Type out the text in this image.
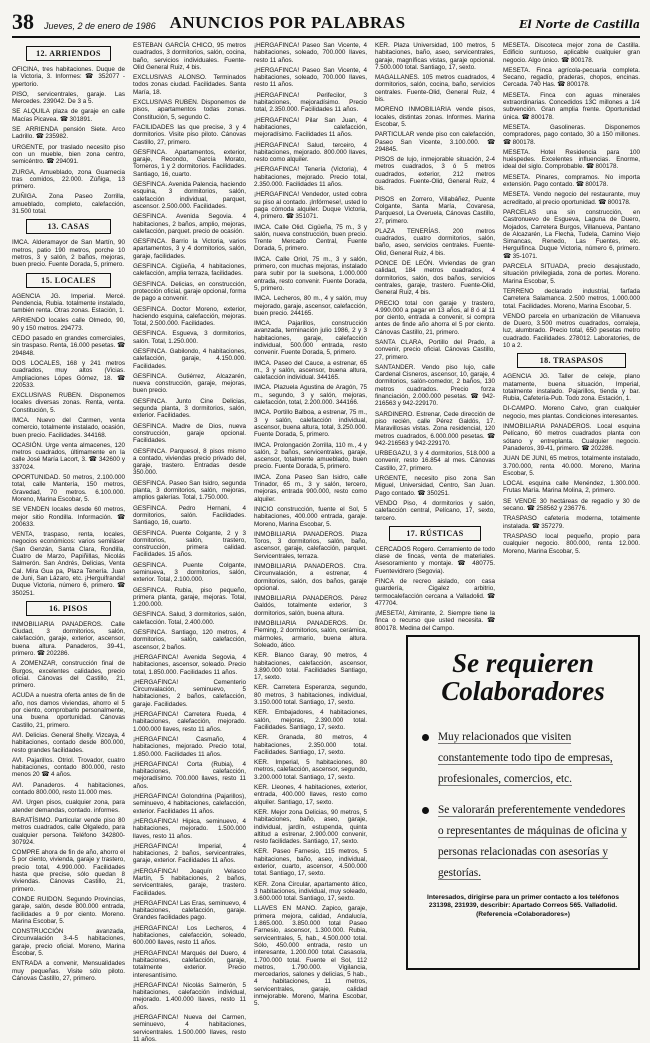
38 Jueves, 2 de enero de 1986 ANUNCIOS POR PALABRAS	El Norte de Castilla
12. ARRIENDOS
OFICINA, tres habitaciones. Duque de la Victoria, 3. Informes: ☎ 352077 - ypertorio.
PISO, servicentrales, garaje. Las Mercedes. 239042. De 3 a 5.
SE ALQUILA plaza de garaje en calle Macías Picavea. ☎ 301891.
SE ARRIENDA pensión Siete. Arco Ladrillo. ☎ 235982.
URGENTE, por traslado necesito piso con un mueble, bien zona centro, semicéntro. ☎ 294091.
ZURGA, Amueblado, zona Guarnecia tras comidos, 22.000. Zúñiga, 13 primero.
ZUÑIGA. Zona Paseo Zorrilla, amueblado, completo, calefacción, 31.500 total.
13. CASAS
IMCA. Alderamayor de San Martín, 90 metros, patio 190 metros, porche 10 metros, 3 y salón, 2 baños, mejoras, buen precio. Fuente Dorada, 5, primero.
15. LOCALES
AGENCIA JG. Imperial. Mercé. Pendencia, Rubia. totalmente instalado, también renta. Otras zonas. Estación, 1.
ARRIENDO locales calle Olmedo, 90, 90 y 150 metros. 294773.
CEDO pasado en grandes comerciales, sin traspaso. Renta, 16.000 pesetas. ☎ 294848.
DOS LOCALES, 168 y 241 metros cuadrados, muy altos (Vicias. Ampliaciones Lópes Gómez, 18. ☎ 220533.
EXCLUSIVAS RUBEN. Disponemos locales diversas zonas. Renta, venta. Constitución, 5.
IMCA. Nuevo del Carmen, venta comercio, totalmente instalado, ocasión, buen precio. Facilidades. 344168.
OCASIÓN. Urge venta almacenes, 120 metros cuadrados, últimamente en la calle José María Lacort, 3. ☎ 342600 y 337024.
OPORTUNIDAD. 50 metros, 2.100.000 total, calle Mantería, 150 metros, Gravedad, 70 metros. 6.100.000. Moreno, Marina Escobar, 5.
SE VENDEN locales desde 60 metros, mejor sitio Rondilla. Información. ☎ 200633.
VENTA, traspaso, renta, locales, negocios económicos: varios semiláser (San Genzán, Santa Clara, Rondilla, Cuatro de Marzo, Papiñillas, Nicolás Salmerón. San Andrés, Delicias, Venta Cal. Mira Gua pa, Plaza Tenería. Juan de Juni, San Lázaro, etc. ¡Herguifranda! Duque Victoria, número 6, primero. ☎ 350251.
16. PISOS
INMOBILIARIA PANADEROS. Calle Ciudad, 3 dormitorios, salón, calefacción, garaje, exterior, ascensor, buena altura. Panaderos, 39-41, primero. ☎ 202286.
A ZOMENZAR, construcción final de Burgos, excelentes calidades, precio oficial. Cánovas del Castillo, 21, primero.
ACUDA a nuestra oferta antes de fin de año, nos damos viviendas, ahorro el 5 por ciento, comprobarlo personalmente, una buena oportunidad. Cánovas Castillo, 21, primero.
AVI. Delicias. General Shelly. Vizcaya, 4 habitaciones, contado desde 800.000, resto grandes facilidades.
AVI. Pajarillos. Otriol. Trovador, cuatro habitaciones, contado 800.000, resto menos 20 ☎ 4 años.
AVI. Panaderos. 4 habitaciones, contado 800.000, resto 11.000 mes.
AVI. Urgen pisos, cualquier zona, para atender demandas, contado. informes.
BARATÍSIMO. Particular vende piso 80 metros cuadrados, calle Olgaledo, para cualquier persona. Teléfono 342800-307924.
COMPRE ahora de fin de año, ahorro el 5 por ciento, vivienda, garaje y trastero, precio total, 4.990.000. Facilidades hasta que precise, sólo quedan 8 viviendas. Cánovas Castillo, 21, primero.
CONDE RUIDON. Segundo Provincias, garaje, salón, desde 800.000 entrada, facilidades a 9 por ciento. Moreno. Marina Escobar, 5.
CONSTRUCCIÓN avanzada, Circunvalación 3-4-5 habitaciones, garaje, precio oficial. Moreno, Marina Escobar, 5.
ENTRADA a convenir, Mensualidades muy pequeñas. Visite sólo piloto. Cánovas Castillo, 27, primero.
ESTEBAN GARCÍA CHICO, 95 metros cuadrados, 3 dormitorios, salón, cocina, baño, servicios individuales. Fuente-Olid General Ruiz, 4 bis.
EXCLUSIVAS ALONSO. Terminados todos zonas ciudad. Facilidades. Santa María, 18.
EXCLUSIVAS RUBEN. Disponemos de pisos, apartamentos todas zonas. Constitución, 5, segundo C.
FACILIDADES las que precise, 3 y 4 dormitorios. Visite piso piloto. Cánovas Castillo, 27, primero.
GESFINCA. Apartamentos, exterior, garaje, Recondo, García Morato, Torneros, 1 y 2 dormitorios. Facilidades. Santiago, 16, cuarto.
GESFINCA. Avenida Palencia, haciendo esquina, 3 dormitorios, salón, calefacción individual, parquet, ascensor. 2.500.000. Facilidades.
GESFINCA. Avenida Segovia. 4 habitaciones, 2 baños, amplio, mejoras, calefacción, parquet. precio de ocasión.
GESFINCA. Barrio la Victoria, varios apartamentos, 3 y 4 dormitorios, salón, garaje, facilidades.
GESFINCA. Cigüeña, 4 habitaciones, calefacción, amplia terraza, facilidades.
GESFINCA. Delicias, en construcción, protección oficial, garaje opcional, forma de pago a convenir.
GESFINCA. Doctor Moreno, exterior, haciendo esquina, calefacción, mejoras. Total, 2.500.000. Facilidades.
GESFINCA. Esgueva, 3 dormitorios, salón. Total, 1.250.000.
GESFINCA. Gabilondo, 4 habitaciones, calefacción, garaje, 4.150.000. Facilidades.
GESFINCA. Gutiérrez, Alcazarén, nueva construcción, garaje, mejoras, buen precio.
GESFINCA. Junto Cine Delicias, segunda planta, 3 dormitorios, salón, exterior. Facilidades.
GESFINCA. Madre de Dios, nueva construcción, garaje opcional. Facilidades.
GESFINCA. Parquesol, 8 pisos mismo a contado, viviendas precio privado del, garaje, trastero. Entradas desde 350.000.
GESFINCA. Paseo San Isidro, segunda planta, 3 dormitorios, salón, mejoras, amplios galerías. Total, 1.750.000.
GESFINCA. Pedro Hernani, 4 dormitorios, salón. Facilidades. Santiago, 16, cuarto.
GESFINCA. Puente Colgante, 2 y 3 dormitorios, salón, trastero, construcción, primera calidad. Facilidades. 15 años.
GESFINCA. Puente Colgante, seminueva, 3 dormitorios, salón, exterior. Total, 2.100.000.
GESFINCA. Rubia, piso pequeño, primera planta, garaje, mejoras. Total, 1.200.000.
GESFINCA. Salud, 3 dormitorios, salón, calefacción. Total, 2.400.000.
GESFINCA. Santiago, 120 metros, 4 dormitorios, salón, calefacción, ascensor, 2 baños.
¡HERGAFINCA! Avenida Segovia, 4 habitaciones, ascensor, soleado. Precio total, 1.850.000. Facilidades 11 años.
¡HERGAFINCA! Cementerio Circunvalación, seminuevo, 5 habitaciones, 2 baños, calefacción, garaje. Facilidades.
¡HERGAFINCA! Carretera Rueda, 4 habitaciones, calefacción, mejorado. 1.000.000 llaves, resto 11 años.
¡HERGAFINCA! Casmaño, 4 habitaciones, mejorado. Precio total, 1.850.000. Facilidades 11 años.
¡HERGAFINCA! Corta (Rubia), 4 habitaciones, calefacción, mejoradísimo. 700.000 llaves, resto 11 años.
¡HERGAFINCA! Golondrina (Pajarillos), seminuevo, 4 habitaciones, calefacción, exterior. Facilidades 11 años.
¡HERGAFINCA! Hipica, seminuevo, 4 habitaciones, mejorado. 1.500.000 llaves, resto 11 años.
¡HERGAFINCA! Imperial, 4 habitaciones, 2 baños, servicentrales, garaje, exterior. Facilidades 11 años.
¡HERGAFINCA! Joaquín Velasco Martín, 5 habitaciones, 2 baños, servicentrales, garaje, trastero. Facilidades.
¡HERGAFINCA! Las Eras, seminuevo, 4 habitaciones, calefacción, garaje. Grandes facilidades pago.
¡HERGAFINCA! Los Lecheros, 4 habitaciones, calefacción, soleado, 600.000 llaves, resto 11 años.
¡HERGAFINCA! Marqués del Duero, 4 habitaciones, calefacción, garaje, totalmente exterior. Precio interesantísimo.
¡HERGAFINCA! Nicolás Salmerón, 5 habitaciones, calefacción individual, mejorado. 1.400.000 llaves, resto 11 años.
¡HERGAFINCA! Nueva del Carmen, seminuevo, 4 habitaciones, servicentrales. 1.500.000 llaves, resto 11 años.
¡HERGAFINCA! Paseo San Vicente, 4 habitaciones, soleado, 700.000 llaves, resto 11 años.
¡HERGAFINCA! Paseo San Vicente, 4 habitaciones, soleado, 700.000 llaves, resto 11 años.
¡HERGAFINCA! Perifecilor, 3 habitaciones, mejoradísimo. Precio total, 2.350.000. Facilidades 11 años.
¡HERGAFINCA! Pilar San Juan, 4 habitaciones, calefacción, mejoradísimo. Facilidades 11 años.
¡HERGAFINCA! Salud, terceiro, 4 habitaciones, mejorado. 800.000 llaves, resto como alquiler.
¡HERGAFINCA! Tenería (Victoria), 4 habitaciones, mejorado. Precio total, 2.350.000. Facilidades 11 años.
¡HERGAFINCA! Vendedor, usted cobra su piso al contado. ¡Infórmese!, usted lo paga cómoda alquiler. Duque Victoria, 4, primero. ☎ 351071.
IMCA. Calle Olid. Cigüeña, 75 m., 3 y salón, nueva construcción, buen precio. Trente Mercado Central, Fuente Dorada, 5, primero.
IMCA. Calle Oriol, 75 m., 3 y salón, primero, con muchas mejoras, instalado para subir por la suelsona, 1.000.000 entrada, resto convenir. Fuente Dorada, 5, primero.
IMCA. Lecheros, 80 m., 4 y salón, muy mejorado, garaje, ascensor, calefacción, buen precio. 244165.
IMCA. Pajarillos, construcción avanzada, terminación julio 1986, 2 y 3 habitaciones, garaje, calefacción individual, 500.000 entrada, resto convenir. Fuente Dorada, 5, primero.
IMCA. Paseo del Cauce, a estrenar, 65 m., 3 y salón, ascensor, buena altura, calefacción individual. 344165.
IMCA. Plazuela Agustina de Aragón, 75 m., segundo, 3 y salón, mejoras, calefacción, total, 2.200.000. 344166.
IMCA. Portillo Balboa, a estrenar, 75 m., 3 y salón, calefacción individual, ascensor, buena altura, total, 3.250.000. Fuente Dorada, 5, primero.
IMCA. Prolongación Zorrilla, 110 m., 4 y salón, 2 baños, servicentrales, garaje, ascensor, totalmente amueblado, buen precio. Fuente Dorada, 5, primero.
IMCA. Zona Paseo San Isidro, calle Trinador, 65 m., 3 y salón, tercero, mejoras, entrada 900.000, resto como alquiler.
INICIO construcción, fuente el Sol, 5 habitaciones, 400.000 entrada, garaje. Moreno, Marina Escobar, 5.
INMOBILIARIA PANADEROS. Plaza Toros, 3 dormitorios, salón, baño, ascensor, garaje, calefacción, parquet. Servicentrales, terraza.
INMOBILIARIA PANADEROS. Ctra. Circunvalación, a estrenar, 4 dormitorios, salón, dos baños, garaje opcional.
INMOBILIARIA PANADEROS. Pérez Galdós, totalmente exterior, 3 dormitorios, salón, buena altura.
INMOBILIARIA PANADEROS. Dr. Fleming, 2 dormitorios, salón, cerámica, mármoles, armario, buena altura. Soleado, ático.
KER. Blanco Garay, 90 metros, 4 habitaciones, calefacción, ascensor, 3.890.000 total. Facilidades Santiago, 17, sexto.
KER. Carretera Esperanza, segundo, 80 metros, 3 habitaciones, individual, 3.150.000 total. Santiago, 17, sexto.
KER. Embajadores, 4 habitaciones, salón, mejoras, 2.390.000 total. Facilidades. Santiago, 17, sexto.
KER. Granada, 80 metros, 4 habitaciones, 2.350.000 total. Facilidades. Santiago, 17, sexto.
KER. Imperial, 5 habitaciones, 80 metros, calefacción, ascensor, segundo, 3.200.000 total. Santiago, 17, sexto.
KER. Lleones, 4 habitaciones, exterior, entrada, 400.000 llaves, resto como alquiler. Santiago, 17, sexto.
KER. Mejor zona Delicias, 90 metros, 5 habitaciones, baño, aseo, garaje, individual, jardín, estupenda, quinta altitud a estrenar, 2.900.000 convenir, resto facilidades. Santiago, 17, sexto.
KER. Paseo Farnesio, 115 metros, 5 habitaciones, baño, aseo, individual, exterior, cuarto, ascensor, 4.500.000 total. Santiago, 17, sexto.
KER. Zona Circular, apartamento ático, 3 habitaciones, individual, muy soleado, 3.600.000 total. Santiago, 17, sexto.
LLAVES EN MANO. Zapico, garaje, primera mejora, calidad, Andalucía, 1.865.000. 3.850.000 total Paseo Farnesio, ascensor, 1.300.000. Rubia, servicentrales, 5, hab., 4.500.000 total. Sólo, 450.000 entrada, resto un interesante, 1.200.000 total. Casasola, 1.700.000 total. Fuente el Sol, 112 metros, 1.790.000. Vigilancia, mercedarios, salones y delicias, 5 hab., 4 habitaciones, 11 metros, servicentrales, garaje, calidad inmejorable. Moreno, Marina Escobar, 5.
KER. Plaza Universidad, 100 metros, 5 habitaciones, baño, aseo, servicentrales, garaje, magníficas vistas, garaje opcional. 7.500.000 total. Santiago, 17, sexto.
MAGALLANES. 105 metros cuadrados, 4 dormitorios, salón, cocina, baño, servicios centrales. Fuente-Olid, General Ruiz, 4 bis.
MORENO INMOBILIARIA vende pisos, locales, distintas zonas. Informes. Marina Escobar, 5.
PARTICULAR vende piso con calefacción, Paseo San Vicente, 3.100.000. ☎ 294845.
PISOS de lujo, inmejorable situación, 2-4 metros cuadrados, 3 ó 5 metros cuadrados, exterior, 212 metros cuadrados. Fuente-Olid, General Ruiz, 4 bis.
PISOS en Zorrero, Villabáñez, Puente Colgante, Santa María, Covaresa, Parquesol, La Overuela, Cánovas Castillo, 27, primero.
PLAZA TENERÍAS. 200 metros cuadrados, cuatro dormitorios, salón, baño, aseo, servicios centrales. Fuente-Olid, General Ruiz, 4 bis.
PONCE DE LEÓN. Viviendas de gran calidad, 184 metros cuadrados, 4 dormitorios, salón, dos baños, servicios centrales, garaje, trastero. Fuente-Olid, General Ruiz, 4 bis.
PRECIO total con garaje y trastero, 4.990.000 a pagar en 13 años, al 8 ó al 11 por ciento, entrada a convenir, si compra antes de finde año ahorra el 5 por ciento. Cánovas Castillo, 21, primero.
SANTA CLARA, Portillo del Prado, a convenir, precio oficial. Cánovas Castillo, 27, primero.
SANTANDER. Vendo piso lujo, calle Cardenal Cisneros, ascensor, 10, garaje, 4 dormitorios, salón-comedor, 2 baños, 130 metros cuadrados. Precio forza financiación, 2.000.000 pesetas. ☎ 942-216563 y 942-229170.
SARDINERO. Estrenar, Cede dirección de piso recién, calle Pérez Galdós, 17. Maravillosas vistas. Zona residencial, 120 metros cuadrados, 6.000.000 pesetas. ☎ 942-216563 y 942-229170.
URBEGAZU, 3 y 4 dormitorios, 518.000 a convenir, resto 16.854 al mes. Cánovas Castillo, 27, primero.
URGENTE, necesito piso zona San Miguel, Universidad, Centro, San Juan. Pago contado. ☎ 350251.
VENDO Piso, 4 dormitorios y salón, calefacción central, Pelícano, 17, sexto, tercero.
17. RÚSTICAS
CERCADOS Rogero. Cerramiento de todo clase de fincas, venta de materiales. Asesoramiento y montaje. ☎ 480775. Fuentevidrero (Segovia).
FINCA de recreo aislado, con casa guardería, Cigalez arbitrio, termocalefacción cercana a Valladolid. ☎ 477704.
¡MESETA!, Almirante, 2. Siempre tiene la finca o recurso que usted necesita. ☎ 800178. Medina del Campo.
MESETA. Discoteca mejor zona de Castilla. Edificio suntuoso, aplicable cualquier gran negocio. Algo único. ☎ 800178.
MESETA. Finca agrícola-pecuaria completa. Secano, regadío, praderas, chopos, encinas. Cercada. 740 Has. ☎ 800178.
MESETA. Finca con aguas minerales extraordinarias. Concedidos 13C millones a 1/4 subvención. Gran amplia frente. Oportunidad única. ☎ 800178.
MESETA. Gasolineras. Disponemos compradores, pago contado, 30 a 150 millones. ☎ 800178.
MESETA. Hotel Residencia para 100 huéspedes. Excelentes influencias. Enorme, ideal del siglo. Comprobable. ☎ 800178.
MESETA. Pinares, compramos. No importa extensión. Pago contado. ☎ 800178.
MESETA. Vendo negocio del restaurante, muy acreditado, al precio oportunidad. ☎ 800178.
PARCELAS una sin construcción, en Castronuevo de Esgueva, Laguna de Duero, Mojados, Carretera Burgos, Villanueva, Pantano de Alcazarén, La Flecha, Tudela, Camino Viejo Simancas, Renedo, Las Fuentes, etc. Herguifinca. Duque Victoria, número 6, primero. ☎ 35-1071.
PARCELA SITUADA, precio desajustado, situación privilegiada, zona de portes. Moreno. Marina Escobar, 5.
TERRENO declarado industrial, farfada Carretera Salamanca. 2.500 metros, 1.000.000 total. Facilidades. Moreno, Marina Escobar, 5.
VENDO parcela en urbanización de Villanueva de Duero, 3.500 metros cuadrados, corraleja, luz, alumbrado. Precio total, 650 pesetas metro cuadrado. Facilidades. 278012. Laboratories, de 10 a 2.
18. TRASPASOS
AGENCIA JG. Taller de celeje, plano matamente, buena situación, Imperial, totalmente instalado. Pajarillos, tienda y bar. Rubia, Cafetería-Pub. Todo zona. Estación, 1.
DI-CAMPO. Moreno Calvo, gran cualquier negocio, mes plantas. Condiciones interesantes.
INMOBILIARIA PANADEROS. Local esquina Pelícano, 60 metros cuadrados planta con sótano y entreplanta. Cualquier negocio. Panaderos, 39-41, primero. ☎ 202286.
JUAN DE JUNI, 65 metros, totalmente instalado, 3.700.000, renta 40.000. Moreno, Marina Escobar, 5.
LOCAL esquina calle Menéndez, 1.300.000. Frutas María. Marina Molina, 2, primero.
SE VENDE 30 hectáreas de regadío y 30 de secano. ☎ 258562 y 236776.
TRASPASO cafetería moderna, totalmente instalada. ☎ 357279.
TRASPASO local pequeño, propio para cualquier negocio. 800.000, renta 12.000. Moreno, Marina Escobar, 5.
Se requieren
Colaboradores
Muy relacionados que visiten constantemente todo tipo de empresas, profesionales, comercios, etc.
Se valorarán preferentemente vendedores o representantes de máquinas de oficina y personas relacionadas con asesorías y gestorías.
Interesados, dirigirse para un primer contacto a los teléfonos 231398, 231939, describir: Apartado Correos 565. Valladolid. (Referencia «Colaboradores»)
